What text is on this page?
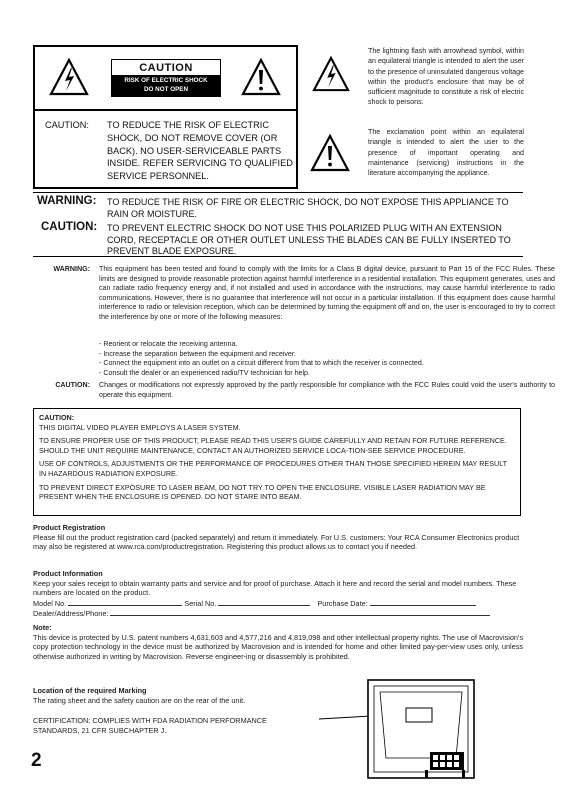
CAUTION
RISK OF ELECTRIC SHOCK
DO NOT OPEN
CAUTION: TO REDUCE THE RISK OF ELECTRIC SHOCK, DO NOT REMOVE COVER (OR BACK). NO USER-SERVICEABLE PARTS INSIDE. REFER SERVICING TO QUALIFIED SERVICE PERSONNEL.
The lightning flash with arrowhead symbol, within an equilateral triangle is intended to alert the user to the presence of uninsulated dangerous voltage within the product's enclosure that may be of sufficient magnitude to constitute a risk of electric shock to persons.
The exclamation point within an equilateral triangle is intended to alert the user to the presence of important operating and maintenance (servicing) instructions in the literature accompanying the appliance.
WARNING: TO REDUCE THE RISK OF FIRE OR ELECTRIC SHOCK, DO NOT EXPOSE THIS APPLIANCE TO RAIN OR MOISTURE.
CAUTION: TO PREVENT ELECTRIC SHOCK DO NOT USE THIS POLARIZED PLUG WITH AN EXTENSION CORD, RECEPTACLE OR OTHER OUTLET UNLESS THE BLADES CAN BE FULLY INSERTED TO PREVENT BLADE EXPOSURE.
WARNING: This equipment has been tested and found to comply with the limits for a Class B digital device, pursuant to Part 15 of the FCC Rules. These limits are designed to provide reasonable protection against harmful interference in a residential installation. This equipment generates, uses and can radiate radio frequency energy and, if not installed and used in accordance with the instructions, may cause harmful interference to radio communications. However, there is no guarantee that interference will not occur in a particular installation. If this equipment does cause harmful interference to radio or television reception, which can be determined by turning the equipment off and on, the user is encouraged to try to correct the interference by one or more of the following measures:
- Reorient or relocate the receiving antenna.
- Increase the separation between the equipment and receiver.
- Connect the equipment into an outlet on a circuit different from that to which the receiver is connected.
- Consult the dealer or an experienced radio/TV technician for help.
CAUTION: Changes or modifications not expressly approved by the partly responsible for compliance with the FCC Rules could void the user's authority to operate this equipment.

CAUTION:

THIS DIGITAL VIDEO PLAYER EMPLOYS A LASER SYSTEM.

TO ENSURE PROPER USE OF THIS PRODUCT, PLEASE READ THIS USER'S GUIDE CAREFULLY AND RETAIN FOR FUTURE REFERENCE. SHOULD THE UNIT REQUIRE MAINTENANCE, CONTACT AN AUTHORIZED SERVICE LOCA-TION-SEE SERVICE PROCEDURE.

USE OF CONTROLS, ADJUSTMENTS OR THE PERFORMANCE OF PROCEDURES OTHER THAN THOSE SPECIFIED HEREIN MAY RESULT IN HAZARDOUS RADIATION EXPOSURE.

TO PREVENT DIRECT EXPOSURE TO LASER BEAM, DO NOT TRY TO OPEN THE ENCLOSURE. VISIBLE LASER RADIATION MAY BE PRESENT WHEN THE ENCLOSURE IS OPENED. DO NOT STARE INTO BEAM.

Product Registration

Please fill out the product registration card (packed separately) and return it immediately. For U.S. customers: Your RCA Consumer Electronics product may also be registered at www.rca.com/productregistration. Registering this product allows us to contact you if needed.

Product Information

Keep your sales receipt to obtain warranty parts and service and for proof of purchase. Attach it here and record the serial and model numbers. These numbers are located on the product.

Model No.	Serial No.	Purchase Date:

Dealer/Address/Phone:

Note:

This device is protected by U.S. patent numbers 4,631,603 and 4,577,216 and 4,819,098 and other intellectual property rights. The use of Macrovision's copy protection technology in the device must be authorized by Macrovision and is intended for home and other limited pay-per-view uses only, unless otherwise authorized in writing by Macrovision. Reverse engineer-ing or disassembly is prohibited.

Location of the required Marking

The rating sheet and the safety caution are on the rear of the unit.

CERTIFICATION: COMPLIES WITH FDA RADIATION PERFORMANCE

STANDARDS, 21 CFR SUBCHAPTER J.

2
